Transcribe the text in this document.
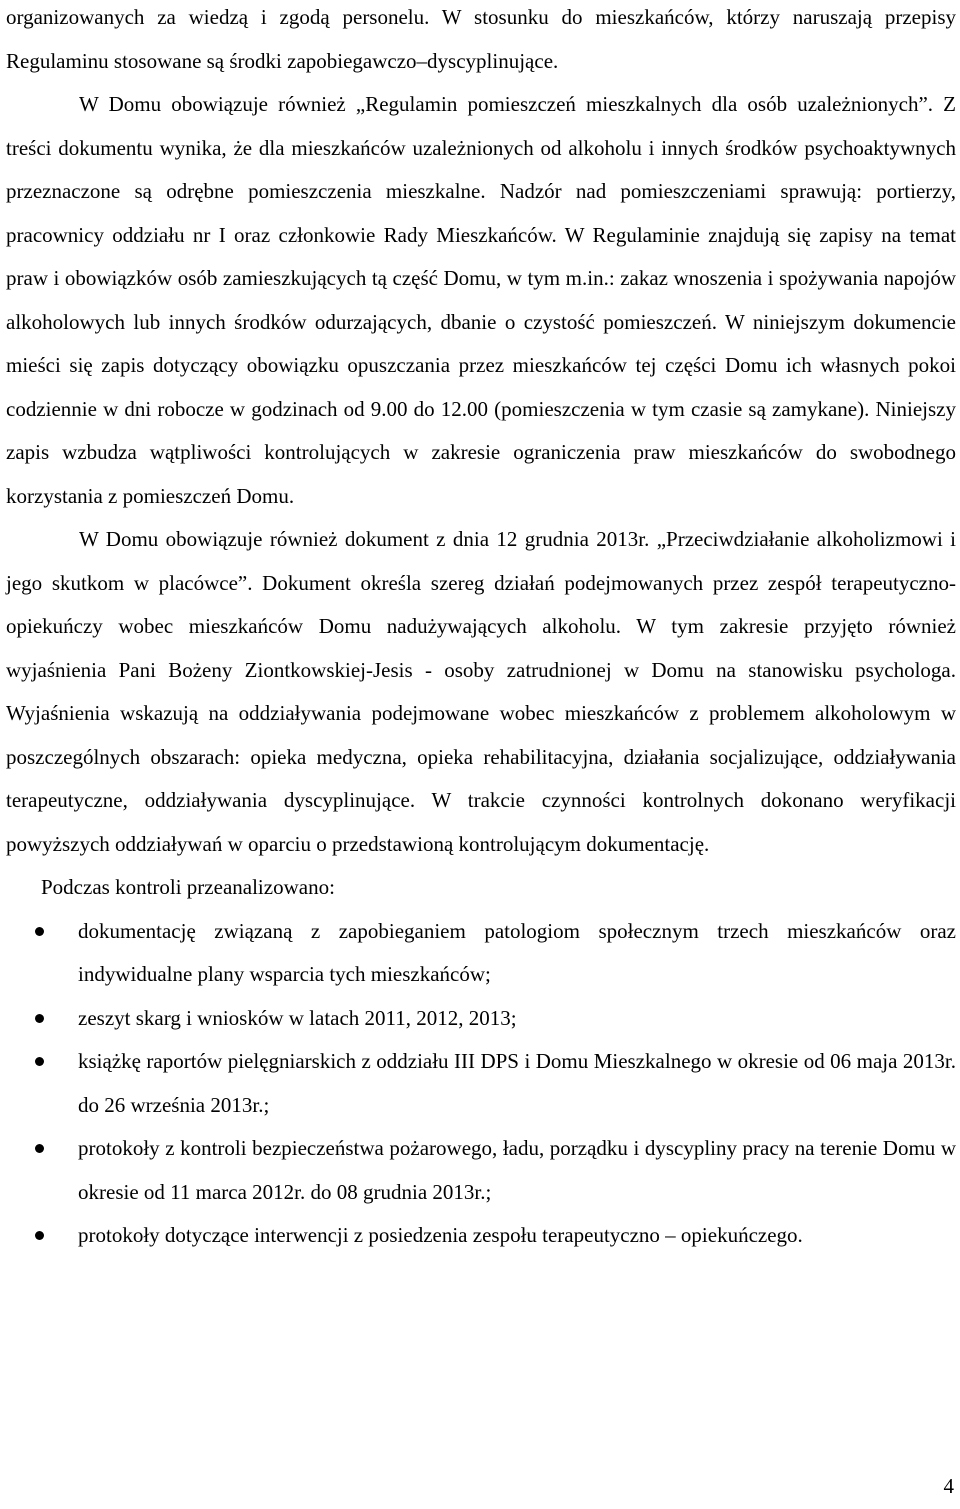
organizowanych za wiedzą i zgodą personelu. W stosunku do mieszkańców, którzy naruszają przepisy Regulaminu stosowane są środki zapobiegawczo–dyscyplinujące.

W Domu obowiązuje również „Regulamin pomieszczeń mieszkalnych dla osób uzależnionych”. Z treści dokumentu wynika, że dla mieszkańców uzależnionych od alkoholu i innych środków psychoaktywnych przeznaczone są odrębne pomieszczenia mieszkalne. Nadzór nad pomieszczeniami sprawują: portierzy, pracownicy oddziału nr I oraz członkowie Rady Mieszkańców. W Regulaminie znajdują się zapisy na temat praw i obowiązków osób zamieszkujących tą część Domu, w tym m.in.: zakaz wnoszenia i spożywania napojów alkoholowych lub innych środków odurzających, dbanie o czystość pomieszczeń. W niniejszym dokumencie mieści się zapis dotyczący obowiązku opuszczania przez mieszkańców tej części Domu ich własnych pokoi codziennie w dni robocze w godzinach od 9.00 do 12.00 (pomieszczenia w tym czasie są zamykane). Niniejszy zapis wzbudza wątpliwości kontrolujących w zakresie ograniczenia praw mieszkańców do swobodnego korzystania z pomieszczeń Domu.

W Domu obowiązuje również dokument z dnia 12 grudnia 2013r. „Przeciwdziałanie alkoholizmowi i jego skutkom w placówce”. Dokument określa szereg działań podejmowanych przez zespół terapeutyczno-opiekuńczy wobec mieszkańców Domu nadużywających alkoholu. W tym zakresie przyjęto również wyjaśnienia Pani Bożeny Ziontkowskiej-Jesis - osoby zatrudnionej w Domu na stanowisku psychologa. Wyjaśnienia wskazują na oddziaływania podejmowane wobec mieszkańców z problemem alkoholowym w poszczególnych obszarach: opieka medyczna, opieka rehabilitacyjna, działania socjalizujące, oddziaływania terapeutyczne, oddziaływania dyscyplinujące. W trakcie czynności kontrolnych dokonano weryfikacji powyższych oddziaływań w oparciu o przedstawioną kontrolującym dokumentację.

Podczas kontroli przeanalizowano:

dokumentację związaną z zapobieganiem patologiom społecznym trzech mieszkańców oraz indywidualne plany wsparcia tych mieszkańców;
zeszyt skarg i wniosków w latach 2011, 2012, 2013;
książkę raportów pielęgniarskich z oddziału III DPS i Domu Mieszkalnego w okresie od 06 maja 2013r. do 26 września 2013r.;
protokoły z kontroli bezpieczeństwa pożarowego, ładu, porządku i dyscypliny pracy na terenie Domu w okresie od 11 marca 2012r. do 08 grudnia 2013r.;
protokoły dotyczące interwencji z posiedzenia zespołu terapeutyczno – opiekuńczego.
4
